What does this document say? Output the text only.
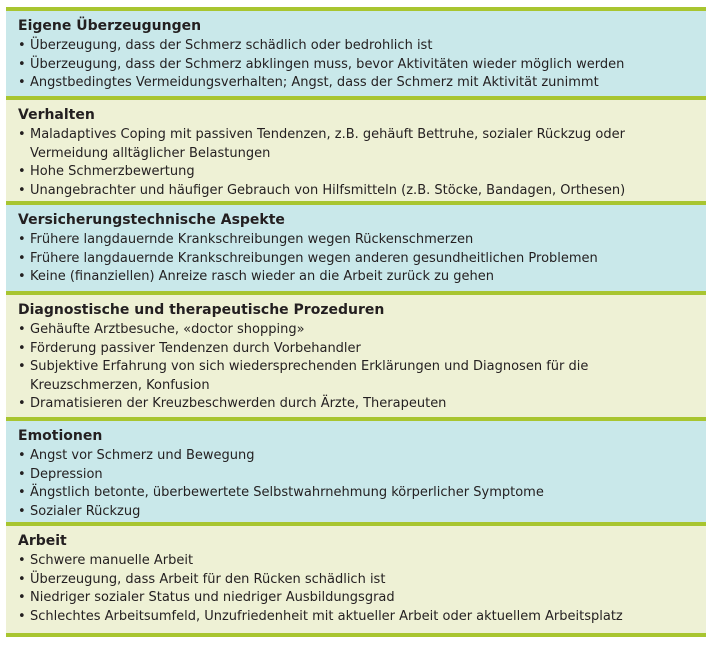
Eigene Überzeugungen
• Überzeugung, dass der Schmerz schädlich oder bedrohlich ist
• Überzeugung, dass der Schmerz abklingen muss, bevor Aktivitäten wieder möglich werden
• Angstbedingtes Vermeidungsverhalten; Angst, dass der Schmerz mit Aktivität zunimmt
Verhalten
• Maladaptives Coping mit passiven Tendenzen, z.B. gehäuft Bettruhe, sozialer Rückzug oder Vermeidung alltäglicher Belastungen
• Hohe Schmerzbewertung
• Unangebrachter und häufiger Gebrauch von Hilfsmitteln (z.B. Stöcke, Bandagen, Orthesen)
Versicherungstechnische Aspekte
• Frühere langdauernde Krankschreibungen wegen Rückenschmerzen
• Frühere langdauernde Krankschreibungen wegen anderen gesundheitlichen Problemen
• Keine (finanziellen) Anreize rasch wieder an die Arbeit zurück zu gehen
Diagnostische und therapeutische Prozeduren
• Gehäufte Arztbesuche, «doctor shopping»
• Förderung passiver Tendenzen durch Vorbehandler
• Subjektive Erfahrung von sich wiedersprechenden Erklärungen und Diagnosen für die Kreuzschmerzen, Konfusion
• Dramatisieren der Kreuzbeschwerden durch Ärzte, Therapeuten
Emotionen
• Angst vor Schmerz und Bewegung
• Depression
• Ängstlich betonte, überbewertete Selbstwahrnehmung körperlicher Symptome
• Sozialer Rückzug
Arbeit
• Schwere manuelle Arbeit
• Überzeugung, dass Arbeit für den Rücken schädlich ist
• Niedriger sozialer Status und niedriger Ausbildungsgrad
• Schlechtes Arbeitsumfeld, Unzufriedenheit mit aktueller Arbeit oder aktuellem Arbeitsplatz
